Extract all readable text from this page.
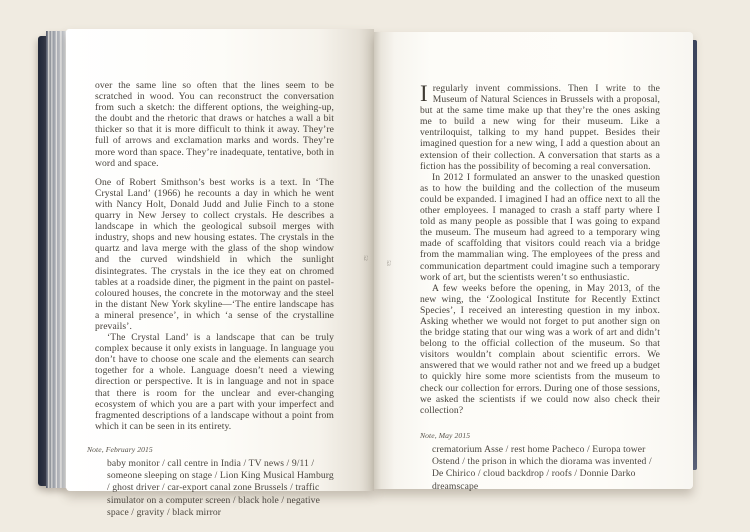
over the same line so often that the lines seem to be scratched in wood. You can reconstruct the conversation from such a sketch: the different options, the weighing-up, the doubt and the rhetoric that draws or hatches a wall a bit thicker so that it is more difficult to think it away. They’re full of arrows and exclamation marks and words. They’re more word than space. They’re inadequate, tentative, both in word and space.

One of Robert Smithson’s best works is a text. In ‘The Crystal Land’ (1966) he recounts a day in which he went with Nancy Holt, Donald Judd and Julie Finch to a stone quarry in New Jersey to collect crystals. He describes a landscape in which the geological subsoil merges with industry, shops and new housing estates. The crystals in the quartz and lava merge with the glass of the shop window and the curved windshield in which the sunlight disintegrates. The crystals in the ice they eat on chromed tables at a roadside diner, the pigment in the paint on pastel-coloured houses, the concrete in the motorway and the steel in the distant New York skyline—‘The entire landscape has a mineral presence’, in which ‘a sense of the crystalline prevails’.

‘The Crystal Land’ is a landscape that can be truly complex because it only exists in language. In language you don’t have to choose one scale and the elements can search together for a whole. Language doesn’t need a viewing direction or perspective. It is in language and not in space that there is room for the unclear and ever-changing ecosystem of which you are a part with your imperfect and fragmented descriptions of a landscape without a point from which it can be seen in its entirety.

Note, February 2015

baby monitor / call centre in India / TV news / 9/11 / someone sleeping on stage / Lion King Musical Hamburg / ghost driver / car-export canal zone Brussels / traffic simulator on a computer screen / black hole / negative space / gravity / black mirror

52

Iregularly invent commissions. Then I write to the Museum of Natural Sciences in Brussels with a proposal, but at the same time make up that they’re the ones asking me to build a new wing for their museum. Like a ventriloquist, talking to my hand puppet. Besides their imagined question for a new wing, I add a question about an extension of their collection. A conversation that starts as a fiction has the possibility of becoming a real conversation.

In 2012 I formulated an answer to the unasked question as to how the building and the collection of the museum could be expanded. I imagined I had an office next to all the other employees. I managed to crash a staff party where I told as many people as possible that I was going to expand the museum. The museum had agreed to a temporary wing made of scaffolding that visitors could reach via a bridge from the mammalian wing. The employees of the press and communication department could imagine such a temporary work of art, but the scientists weren’t so enthusiastic.

A few weeks before the opening, in May 2013, of the new wing, the ‘Zoological Institute for Recently Extinct Species’, I received an interesting question in my inbox. Asking whether we would not forget to put another sign on the bridge stating that our wing was a work of art and didn’t belong to the official collection of the museum. So that visitors wouldn’t complain about scientific errors. We answered that we would rather not and we freed up a budget to quickly hire some more scientists from the museum to check our collection for errors. During one of those sessions, we asked the scientists if we could now also check their collection?

Note, May 2015

crematorium Asse / rest home Pacheco / Europa tower Ostend / the prison in which the diorama was invented / De Chirico / cloud backdrop / roofs / Donnie Darko dreamscape

53
